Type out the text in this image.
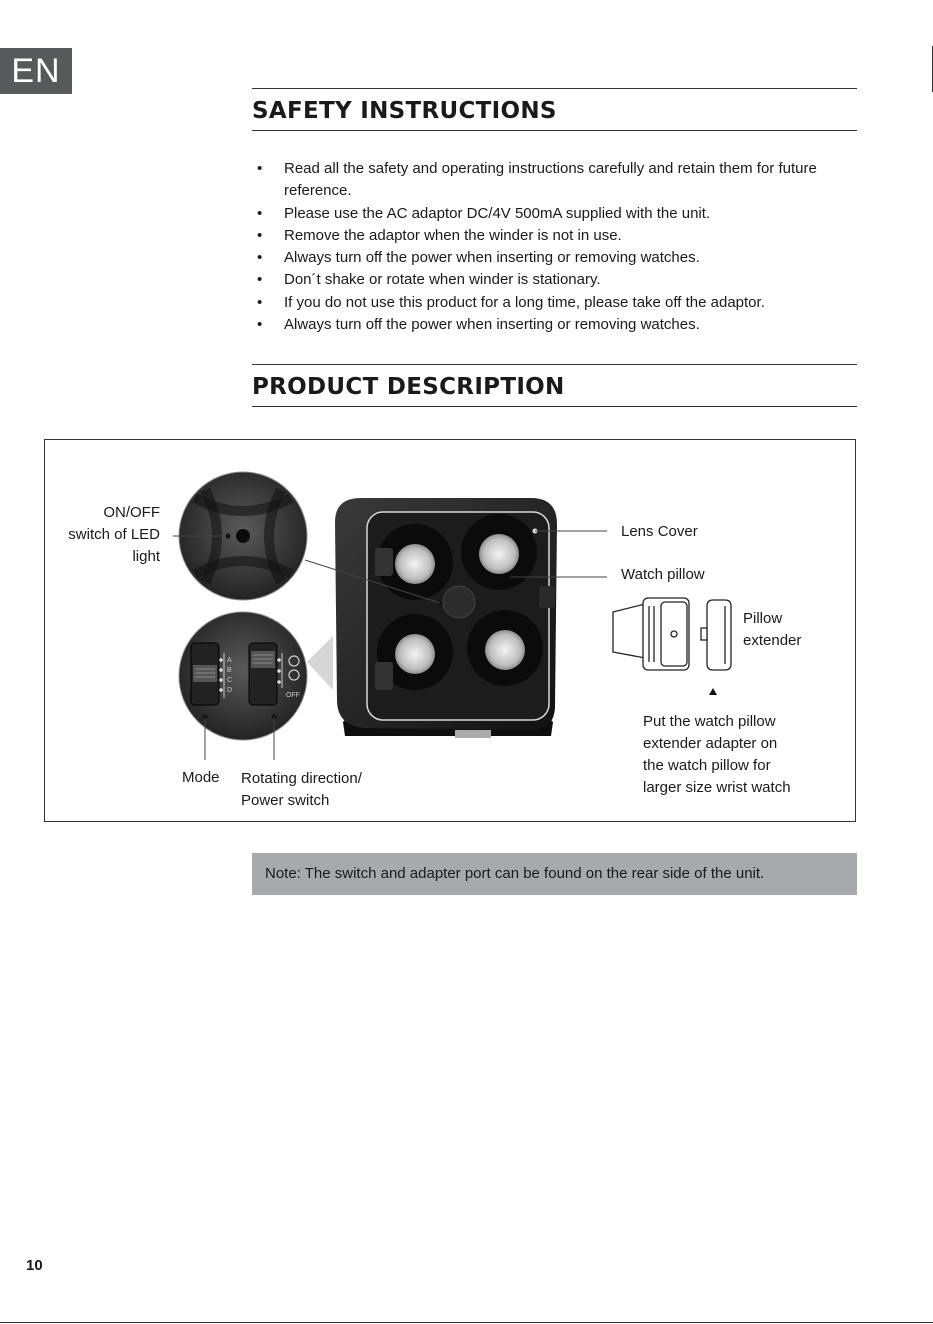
EN
SAFETY INSTRUCTIONS
• Read all the safety and operating instructions carefully and retain them for future reference.
• Please use the AC adaptor DC/4V 500mA supplied with the unit.
• Remove the adaptor when the winder is not in use.
• Always turn off the power when inserting or removing watches.
• Don´t shake or rotate when winder is stationary.
• If you do not use this product for a long time, please take off the adaptor.
• Always turn off the power when inserting or removing watches.
PRODUCT DESCRIPTION
A
B
C
D
OFF
ON/OFF
switch of LED
light
Lens Cover
Watch pillow
Pillow
extender
Mode Rotating direction/
Power switch
Put the watch pillow
extender adapter on
the watch pillow for
larger size wrist watch
Note: The switch and adapter port can be found on the rear side of the unit.
10
